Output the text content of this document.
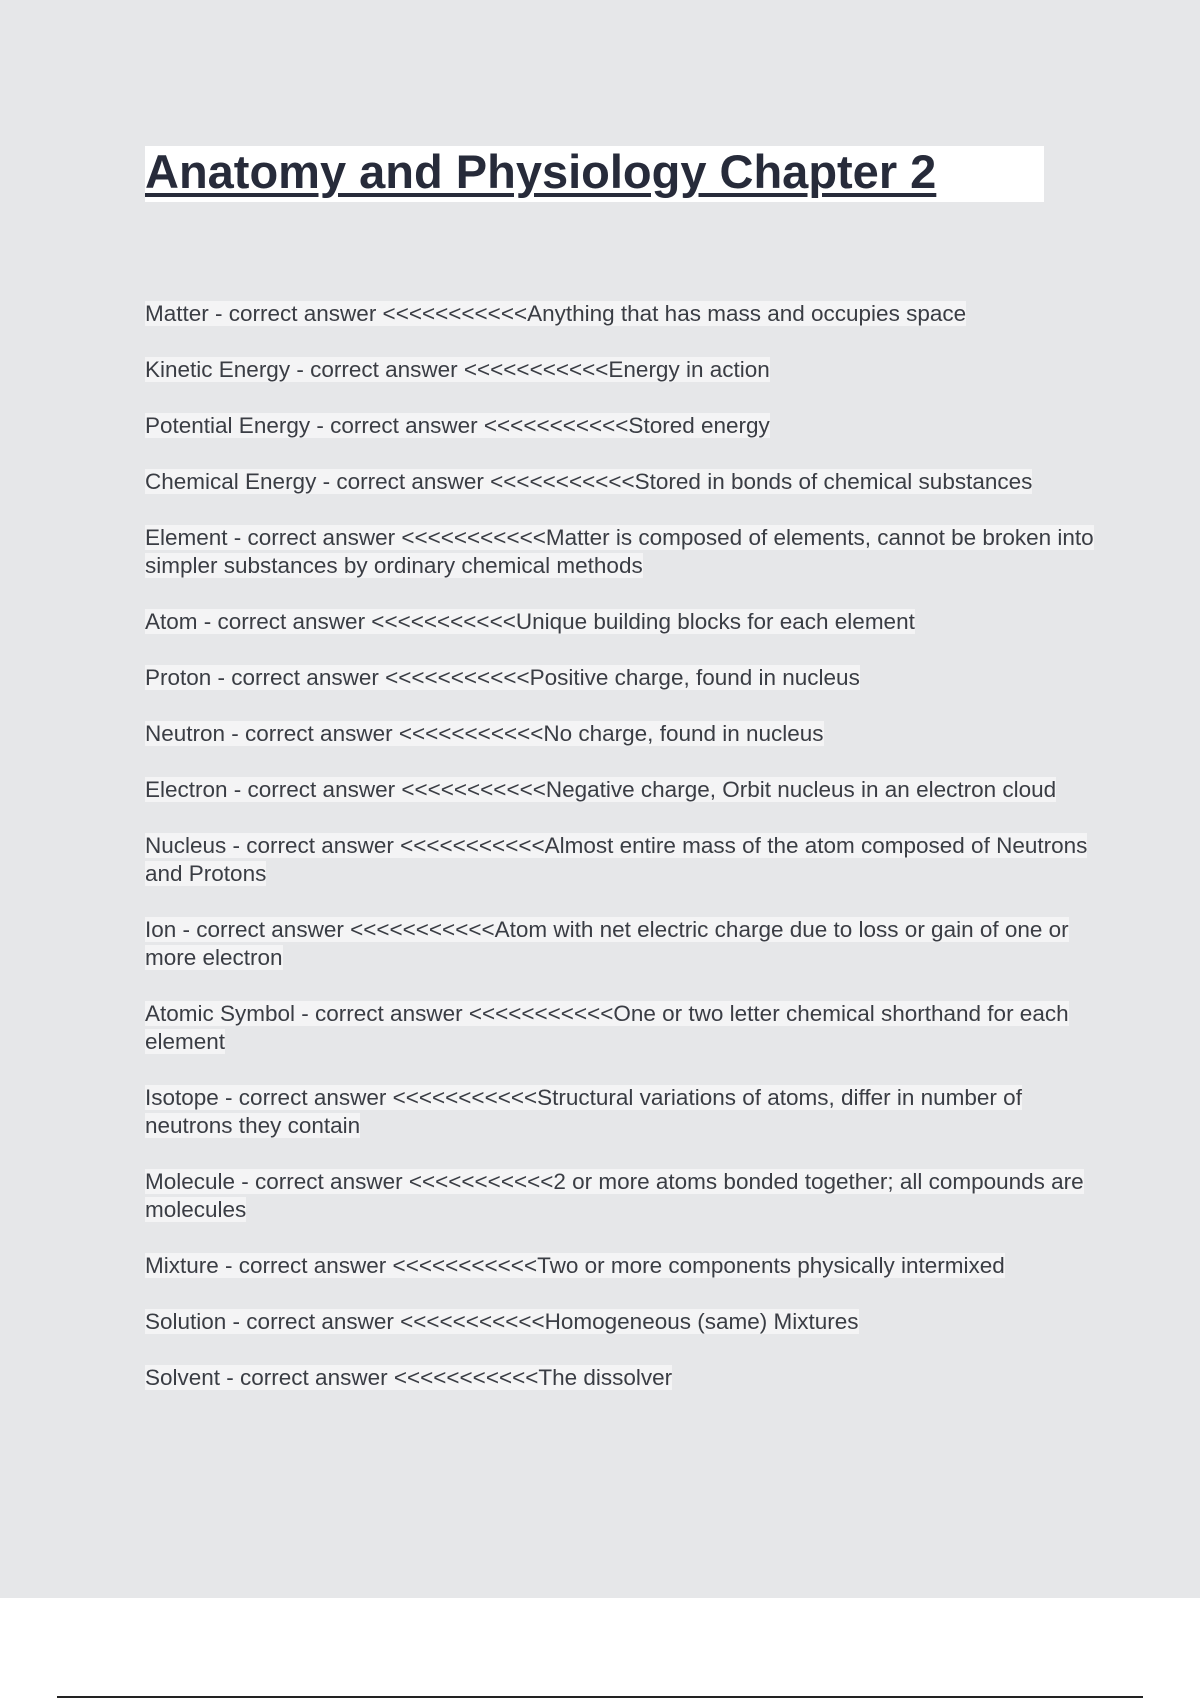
Anatomy and Physiology Chapter 2
Matter - correct answer <<<<<<<<<<<Anything that has mass and occupies space
Kinetic Energy - correct answer <<<<<<<<<<<Energy in action
Potential Energy - correct answer <<<<<<<<<<<Stored energy
Chemical Energy - correct answer <<<<<<<<<<<Stored in bonds of chemical substances
Element - correct answer <<<<<<<<<<<Matter is composed of elements, cannot be broken into simpler substances by ordinary chemical methods
Atom - correct answer <<<<<<<<<<<Unique building blocks for each element
Proton - correct answer <<<<<<<<<<<Positive charge, found in nucleus
Neutron - correct answer <<<<<<<<<<<No charge, found in nucleus
Electron - correct answer <<<<<<<<<<<Negative charge, Orbit nucleus in an electron cloud
Nucleus - correct answer <<<<<<<<<<<Almost entire mass of the atom composed of Neutrons and Protons
Ion - correct answer <<<<<<<<<<<Atom with net electric charge due to loss or gain of one or more electron
Atomic Symbol - correct answer <<<<<<<<<<<One or two letter chemical shorthand for each element
Isotope - correct answer <<<<<<<<<<<Structural variations of atoms, differ in number of neutrons they contain
Molecule - correct answer <<<<<<<<<<<2 or more atoms bonded together; all compounds are molecules
Mixture - correct answer <<<<<<<<<<<Two or more components physically intermixed
Solution - correct answer <<<<<<<<<<<Homogeneous (same) Mixtures
Solvent - correct answer <<<<<<<<<<<The dissolver
